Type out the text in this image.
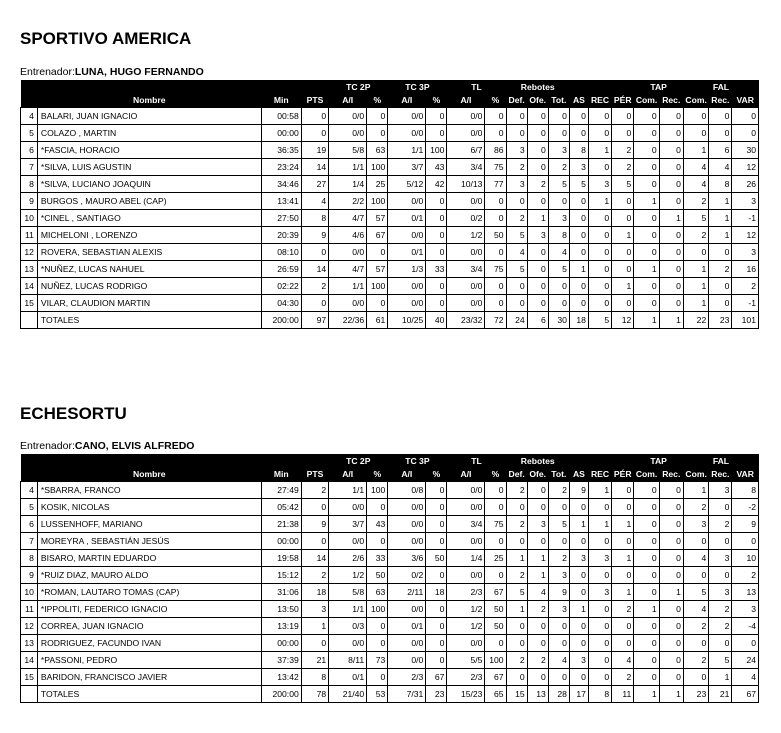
SPORTIVO AMERICA
Entrenador:LUNA, HUGO FERNANDO
				TC 2P		TC 3P		TL		Rebotes						TAP		FAL		
	Nombre	Min	PTS	A/I	%	A/I	%	A/I	%	Def.	Ofe.	Tot.	AS	REC	PÉR	Com.	Rec.	Com.	Rec.	VAR
4	BALARI, JUAN IGNACIO	00:58	0	0/0	0	0/0	0	0/0	0	0	0	0	0	0	0	0	0	0	0	0
5	COLAZO , MARTIN	00:00	0	0/0	0	0/0	0	0/0	0	0	0	0	0	0	0	0	0	0	0	0
6	*FASCIA, HORACIO	36:35	19	5/8	63	1/1	100	6/7	86	3	0	3	8	1	2	0	0	1	6	30
7	*SILVA, LUIS AGUSTIN	23:24	14	1/1	100	3/7	43	3/4	75	2	0	2	3	0	2	0	0	4	4	12
8	*SILVA, LUCIANO JOAQUIN	34:46	27	1/4	25	5/12	42	10/13	77	3	2	5	5	3	5	0	0	4	8	26
9	BURGOS , MAURO ABEL (CAP)	13:41	4	2/2	100	0/0	0	0/0	0	0	0	0	0	1	0	1	0	2	1	3
10	*CINEL , SANTIAGO	27:50	8	4/7	57	0/1	0	0/2	0	2	1	3	0	0	0	0	1	5	1	-1
11	MICHELONI , LORENZO	20:39	9	4/6	67	0/0	0	1/2	50	5	3	8	0	0	1	0	0	2	1	12
12	ROVERA, SEBASTIAN ALEXIS	08:10	0	0/0	0	0/1	0	0/0	0	4	0	4	0	0	0	0	0	0	0	3
13	*NUÑEZ, LUCAS NAHUEL	26:59	14	4/7	57	1/3	33	3/4	75	5	0	5	1	0	0	1	0	1	2	16
14	NUÑEZ, LUCAS RODRIGO	02:22	2	1/1	100	0/0	0	0/0	0	0	0	0	0	0	1	0	0	1	0	2
15	VILAR, CLAUDION MARTIN	04:30	0	0/0	0	0/0	0	0/0	0	0	0	0	0	0	0	0	0	1	0	-1
	TOTALES	200:00	97	22/36	61	10/25	40	23/32	72	24	6	30	18	5	12	1	1	22	23	101
ECHESORTU
Entrenador:CANO, ELVIS ALFREDO
				TC 2P		TC 3P		TL		Rebotes						TAP		FAL		
	Nombre	Min	PTS	A/I	%	A/I	%	A/I	%	Def.	Ofe.	Tot.	AS	REC	PÉR	Com.	Rec.	Com.	Rec.	VAR
4	*SBARRA, FRANCO	27:49	2	1/1	100	0/8	0	0/0	0	2	0	2	9	1	0	0	0	1	3	8
5	KOSIK, NICOLAS	05:42	0	0/0	0	0/0	0	0/0	0	0	0	0	0	0	0	0	0	2	0	-2
6	LUSSENHOFF, MARIANO	21:38	9	3/7	43	0/0	0	3/4	75	2	3	5	1	1	1	0	0	3	2	9
7	MOREYRA , SEBASTIÁN JESÚS	00:00	0	0/0	0	0/0	0	0/0	0	0	0	0	0	0	0	0	0	0	0	0
8	BISARO, MARTIN EDUARDO	19:58	14	2/6	33	3/6	50	1/4	25	1	1	2	3	3	1	0	0	4	3	10
9	*RUIZ DIAZ, MAURO ALDO	15:12	2	1/2	50	0/2	0	0/0	0	2	1	3	0	0	0	0	0	0	0	2
10	*ROMAN, LAUTARO TOMAS (CAP)	31:06	18	5/8	63	2/11	18	2/3	67	5	4	9	0	3	1	0	1	5	3	13
11	*IPPOLITI, FEDERICO IGNACIO	13:50	3	1/1	100	0/0	0	1/2	50	1	2	3	1	0	2	1	0	4	2	3
12	CORREA, JUAN IGNACIO	13:19	1	0/3	0	0/1	0	1/2	50	0	0	0	0	0	0	0	0	2	2	-4
13	RODRIGUEZ, FACUNDO IVAN	00:00	0	0/0	0	0/0	0	0/0	0	0	0	0	0	0	0	0	0	0	0	0
14	*PASSONI, PEDRO	37:39	21	8/11	73	0/0	0	5/5	100	2	2	4	3	0	4	0	0	2	5	24
15	BARIDON, FRANCISCO JAVIER	13:42	8	0/1	0	2/3	67	2/3	67	0	0	0	0	0	2	0	0	0	1	4
	TOTALES	200:00	78	21/40	53	7/31	23	15/23	65	15	13	28	17	8	11	1	1	23	21	67
